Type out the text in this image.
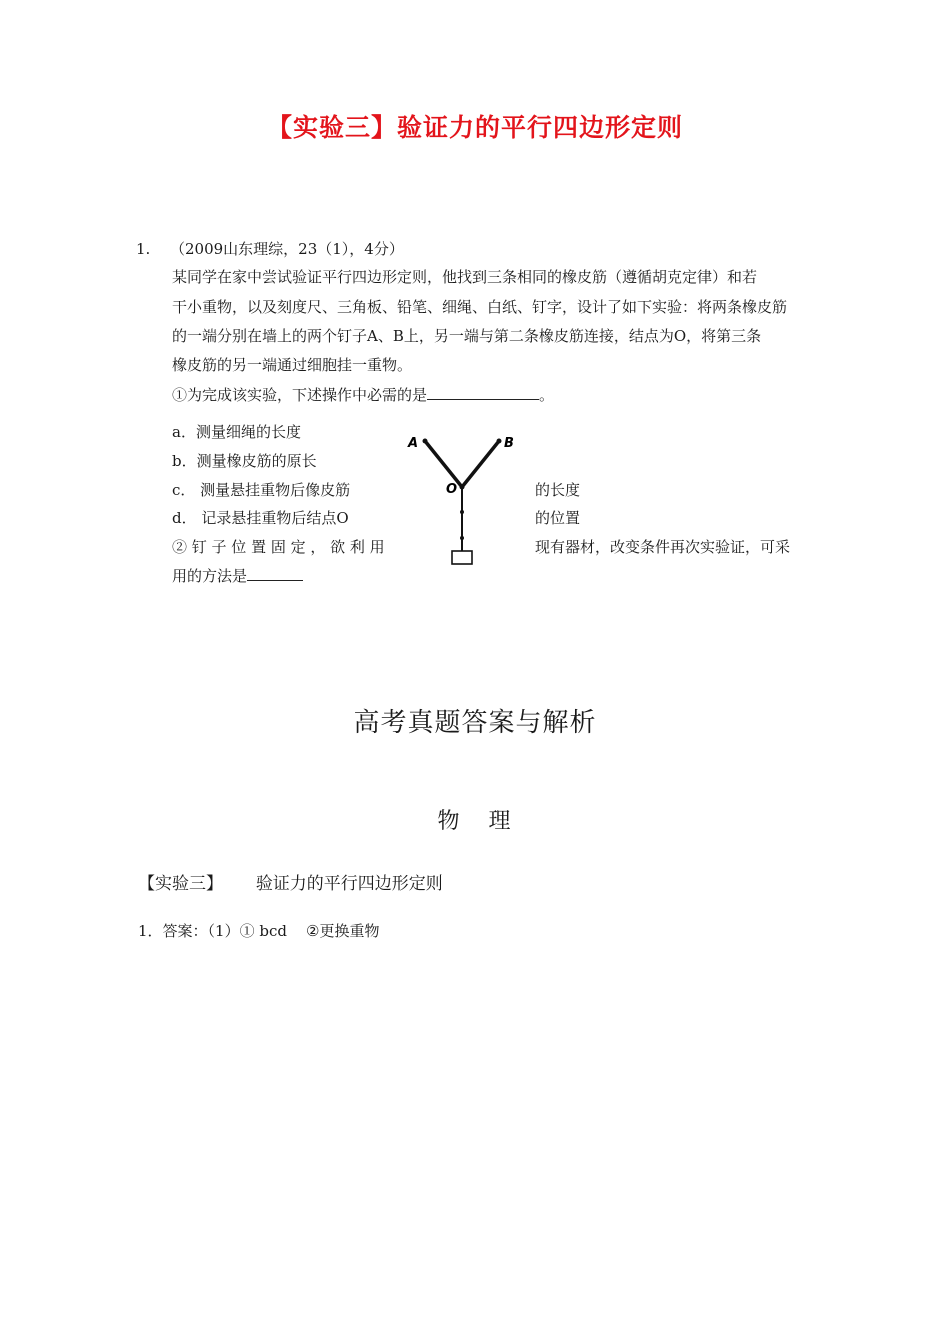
【实验三】验证力的平行四边形定则
1. （2009山东理综，23（1），4分）
某同学在家中尝试验证平行四边形定则，他找到三条相同的橡皮筋（遵循胡克定律）和若
干小重物，以及刻度尺、三角板、铅笔、细绳、白纸、钉字，设计了如下实验：将两条橡皮筋
的一端分别在墙上的两个钉子A、B上，另一端与第二条橡皮筋连接，结点为O，将第三条
橡皮筋的另一端通过细胞挂一重物。
①为完成该实验，下述操作中必需的是	。
a．测量细绳的长度
b．测量橡皮筋的原长
c． 测量悬挂重物后像皮筋	的长度
d． 记录悬挂重物后结点O	的位置
② 钉 子 位 置 固 定 ， 欲 利 用	现有器材，改变条件再次实验证，可采
用的方法是
A	B
O
高考真题答案与解析
物   理
【实验三】 验证力的平行四边形定则
1．答案：（1）① bcd    ②更换重物
